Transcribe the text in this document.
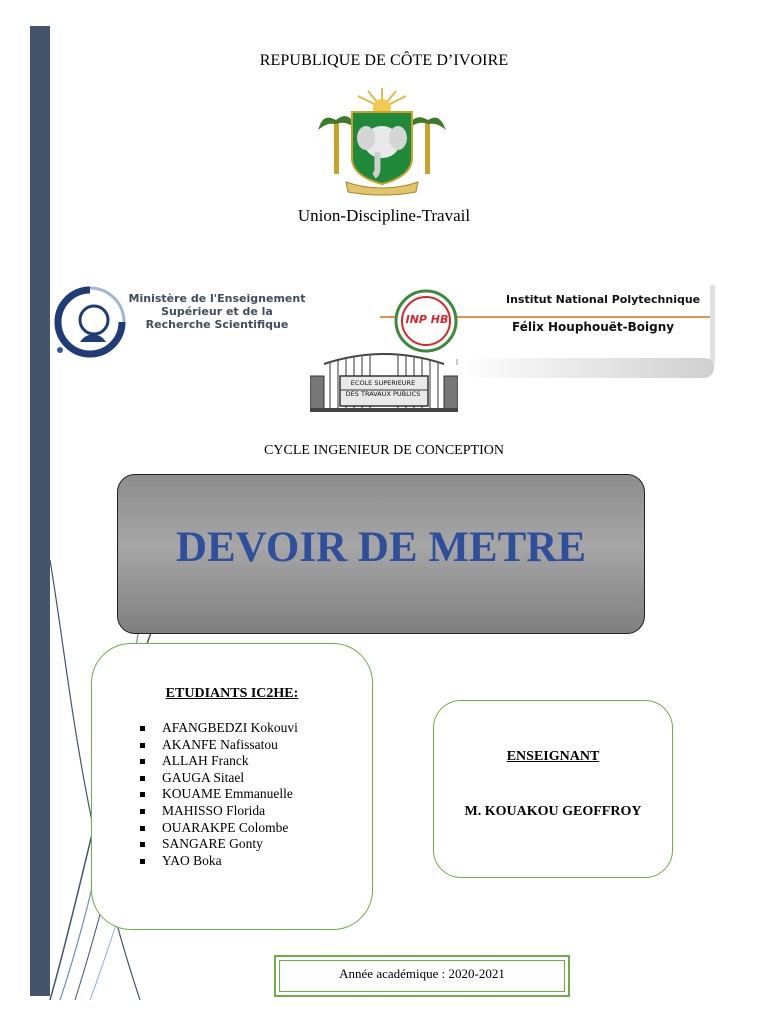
REPUBLIQUE DE CÔTE D’IVOIRE
Union-Discipline-Travail
Ministère de l'Enseignement
Supérieur et de la
Recherche Scientifique	INP HB
Institut National Polytechnique
Félix Houphouët-Boigny
ECOLE SUPERIEURE
DES TRAVAUX PUBLICS
CYCLE INGENIEUR DE CONCEPTION
DEVOIR DE METRE
ETUDIANTS IC2HE:
AFANGBEDZI Kokouvi
AKANFE Nafissatou
ALLAH Franck
GAUGA Sitael
KOUAME Emmanuelle
MAHISSO Florida
OUARAKPE Colombe
SANGARE Gonty
YAO Boka
ENSEIGNANT
M. KOUAKOU GEOFFROY
Année académique : 2020-2021
